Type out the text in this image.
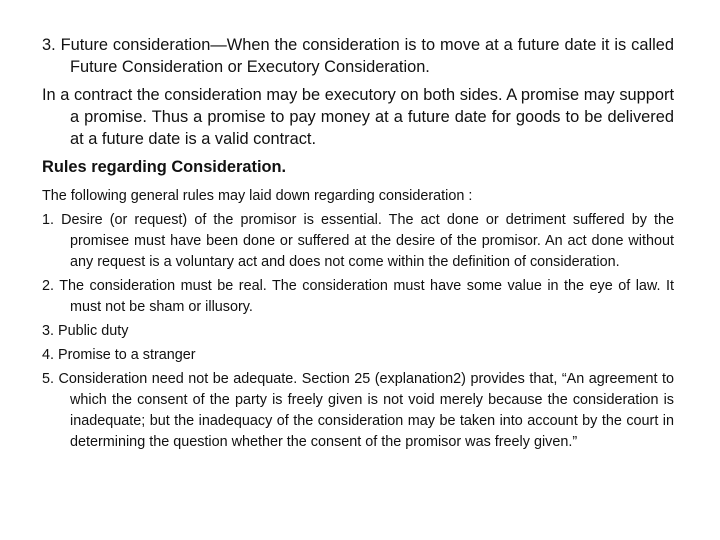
3. Future consideration—When the consideration is to move at a future date it is called Future Consideration or Executory Consideration.

In a contract the consideration may be executory on both sides. A promise may support a promise. Thus a promise to pay money at a future date for goods to be delivered at a future date is a valid contract.

Rules regarding Consideration.

The following general rules may laid down regarding consideration :

1. Desire (or request) of the promisor is essential. The act done or detriment suffered by the promisee must have been done or suffered at the desire of the promisor. An act done without any request is a voluntary act and does not come within the definition of consideration.

2. The consideration must be real. The consideration must have some value in the eye of law. It must not be sham or illusory.

3. Public duty

4. Promise to a stranger

5. Consideration need not be adequate. Section 25 (explanation2) provides that, “An agreement to which the consent of the party is freely given is not void merely because the consideration is inadequate; but the inadequacy of the consideration may be taken into account by the court in determining the question whether the consent of the promisor was freely given.”
